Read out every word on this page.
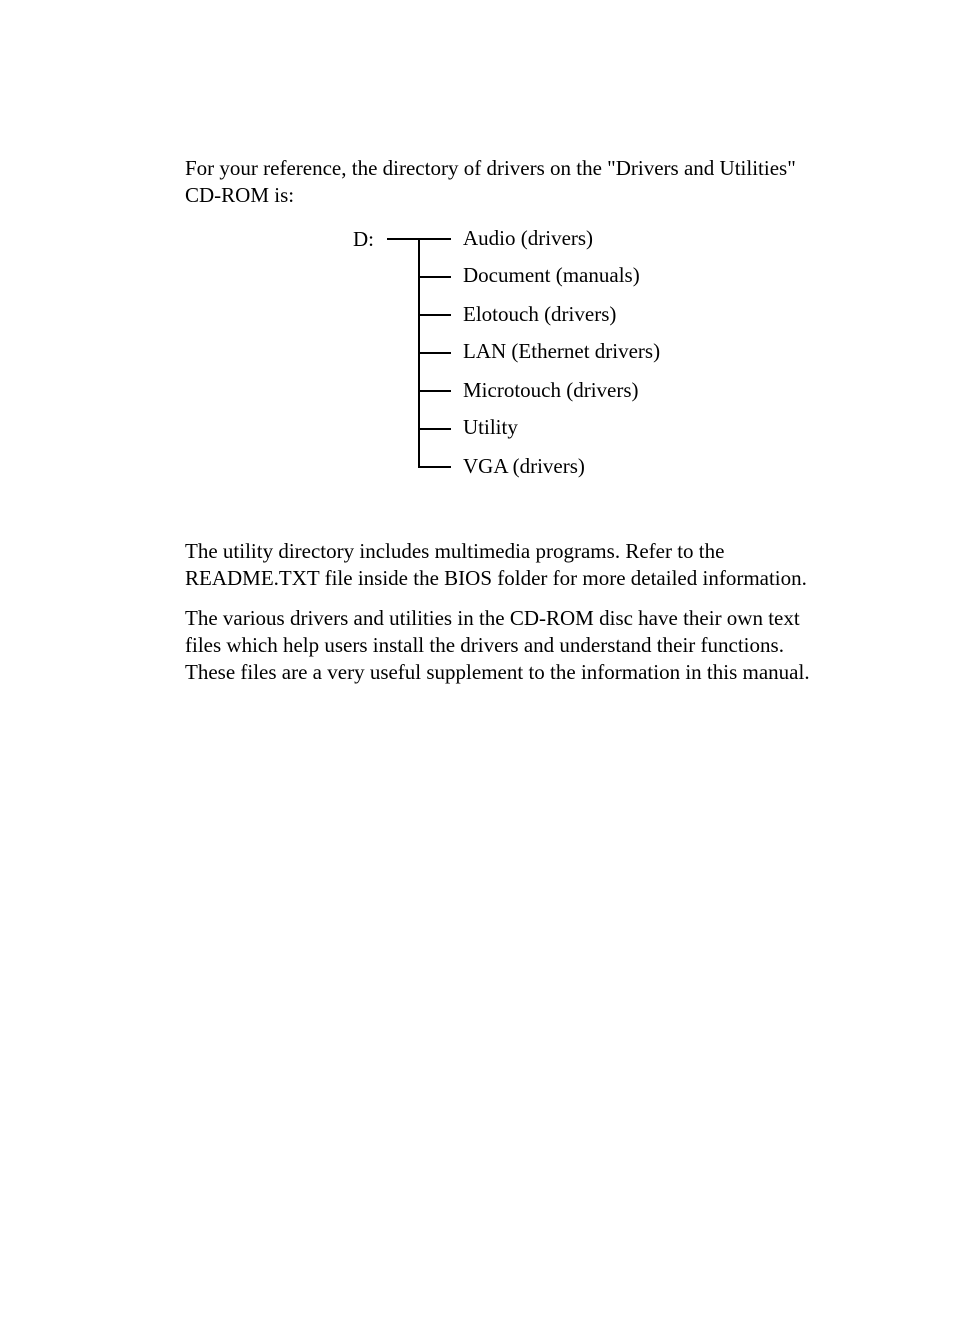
For your reference, the directory of drivers on the "Drivers and Utilities"
CD-ROM is:

D:	Audio (drivers)
Document (manuals)
Elotouch (drivers)
LAN (Ethernet drivers)
Microtouch (drivers)
Utility
VGA (drivers)

The utility directory includes multimedia programs. Refer to the
README.TXT file inside the BIOS folder for more detailed information.

The various drivers and utilities in the CD-ROM disc have their own text
files which help users install the drivers and understand their functions.
These files are a very useful supplement to the information in this manual.
